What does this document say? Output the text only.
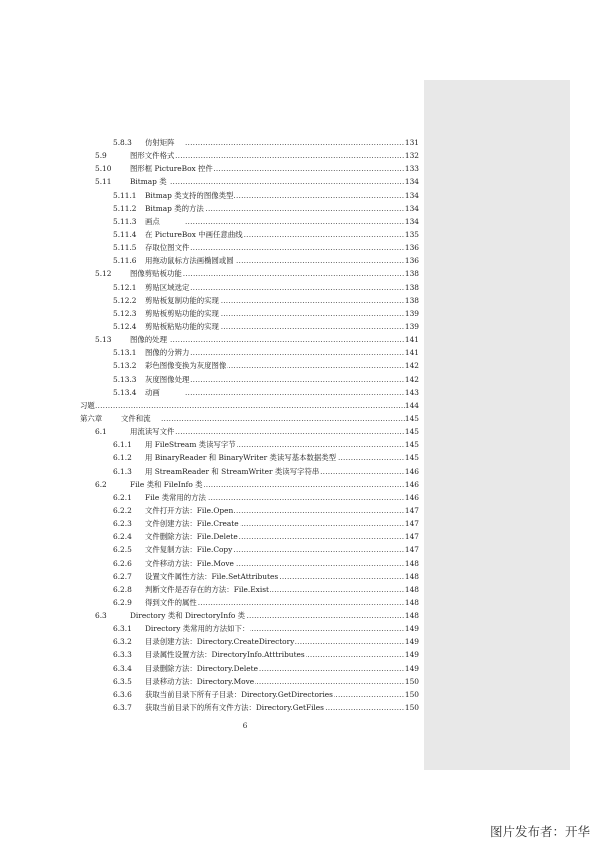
.....
5.8.3 仿射矩阵	131
.....
5.9	图形文件格式	132
.....
5.10	图形框 PictureBox 控件	133
.....
5.11	Bitmap 类	134
.....
5.11.1 Bitmap 类支持的图像类型	134
.....
5.11.2 Bitmap 类的方法	134
.....
5.11.3 画点	134
.....
5.11.4 在 PictureBox 中画任意曲线	135
.....
5.11.5 存取位图文件	136
.....
5.11.6 用拖动鼠标方法画椭圆或圆	136
.....
5.12	图像剪贴板功能	138
.....
5.12.1 剪贴区域选定	138
.....
5.12.2 剪贴板复制功能的实现	138
.....
5.12.3 剪贴板剪贴功能的实现	139
.....
5.12.4 剪贴板粘贴功能的实现	139
.....
5.13	图像的处理	141
.....
5.13.1 图像的分辨力	141
.....
5.13.2 彩色图像变换为灰度图像	142
.....
5.13.3 灰度图像处理	142
.....
5.13.4 动画	143
.....
习题	144
.....
第六章	文件和流	145
.....
6.1	用流读写文件	145
.....
6.1.1 用 FileStream 类读写字节	145
.....
6.1.2 用 BinaryReader 和 BinaryWriter 类读写基本数据类型	145
.....
6.1.3 用 StreamReader 和 StreamWriter 类读写字符串	146
.....
6.2	File 类和 FileInfo 类	146
.....
6.2.1 File 类常用的方法	146
.....
6.2.2 文件打开方法：File.Open	147
.....
6.2.3 文件创建方法：File.Create	147
.....
6.2.4 文件删除方法：File.Delete	147
.....
6.2.5 文件复制方法：File.Copy	147
.....
6.2.6 文件移动方法：File.Move	148
.....
6.2.7 设置文件属性方法：File.SetAttributes	148
.....
6.2.8 判断文件是否存在的方法：File.Exist	148
.....
6.2.9 得到文件的属性	148
.....
6.3	Directory 类和 DirectoryInfo 类	148
.....
6.3.1 Directory 类常用的方法如下：	149
.....
6.3.2 目录创建方法：Directory.CreateDirectory	149
.....
6.3.3 目录属性设置方法：DirectoryInfo.Atttributes	149
.....
6.3.4 目录删除方法：Directory.Delete	149
.....
6.3.5 目录移动方法：Directory.Move	150
.....
6.3.6 获取当前目录下所有子目录：Directory.GetDirectories	150
.....
6.3.7 获取当前目录下的所有文件方法：Directory.GetFiles	150
6
图片发布者：开华
